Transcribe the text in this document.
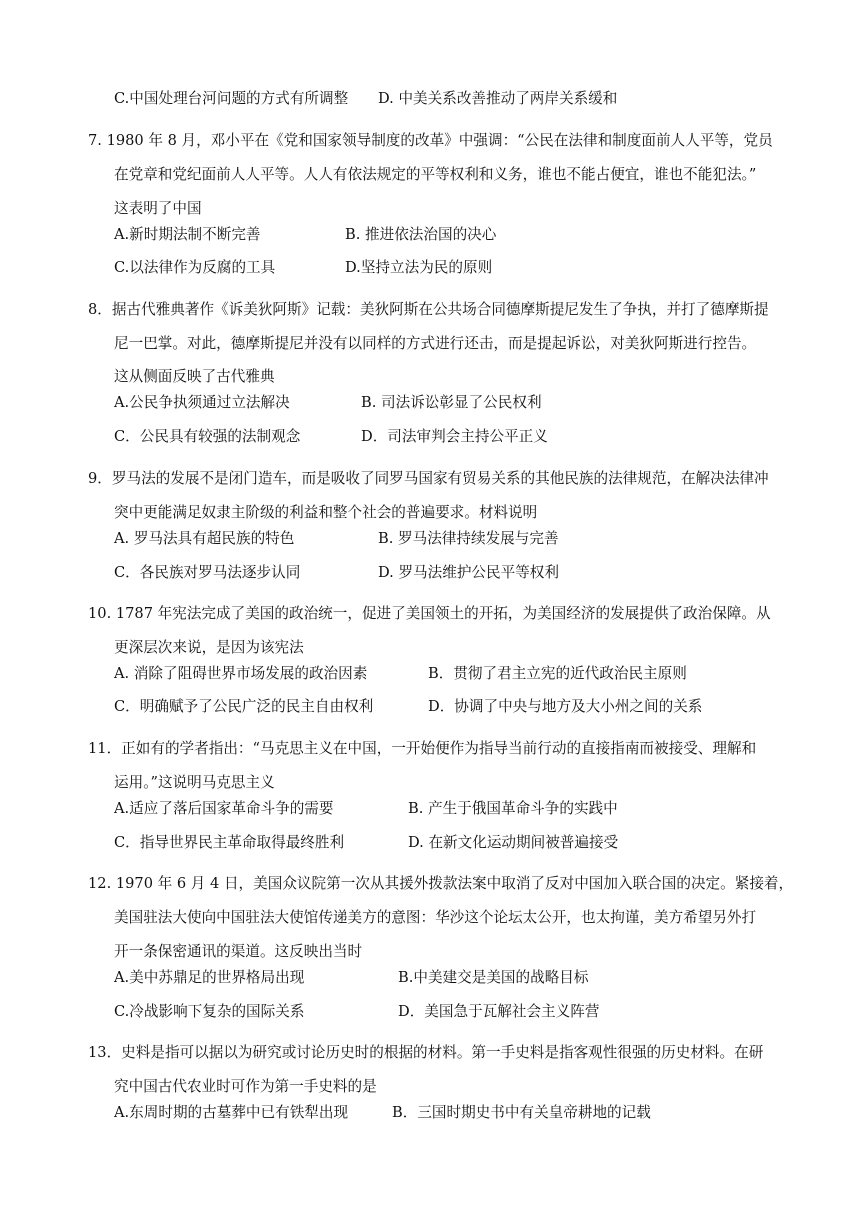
C.中国处理台河问题的方式有所调整 D. 中美关系改善推动了两岸关系缓和
7. 1980 年 8 月，邓小平在《党和国家领导制度的改革》中强调：“公民在法律和制度面前人人平等，党员
在党章和党纪面前人人平等。人人有依法规定的平等权利和义务，谁也不能占便宜，谁也不能犯法。”
这表明了中国
A.新时期法制不断完善	B. 推进依法治国的决心
C.以法律作为反腐的工具	D.坚持立法为民的原则
8．据古代雅典著作《诉美狄阿斯》记载：美狄阿斯在公共场合同德摩斯提尼发生了争执，并打了德摩斯提
尼一巴掌。对此，德摩斯提尼并没有以同样的方式进行还击，而是提起诉讼，对美狄阿斯进行控告。
这从侧面反映了古代雅典
A.公民争执须通过立法解决	B. 司法诉讼彰显了公民权利
C．公民具有较强的法制观念	D．司法审判会主持公平正义
9．罗马法的发展不是闭门造车，而是吸收了同罗马国家有贸易关系的其他民族的法律规范，在解决法律冲
突中更能满足奴隶主阶级的利益和整个社会的普遍要求。材料说明
A. 罗马法具有超民族的特色	B. 罗马法律持续发展与完善
C．各民族对罗马法逐步认同	D. 罗马法维护公民平等权利
10. 1787 年宪法完成了美国的政治统一，促进了美国领土的开拓，为美国经济的发展提供了政治保障。从
更深层次来说，是因为该宪法
A. 消除了阻碍世界市场发展的政治因素	B．贯彻了君主立宪的近代政治民主原则
C．明确赋予了公民广泛的民主自由权利	D．协调了中央与地方及大小州之间的关系
11．正如有的学者指出：“马克思主义在中国，一开始便作为指导当前行动的直接指南而被接受、理解和
运用。”这说明马克思主义
A.适应了落后国家革命斗争的需要	B. 产生于俄国革命斗争的实践中
C．指导世界民主革命取得最终胜利	D. 在新文化运动期间被普遍接受
12. 1970 年 6 月 4 日，美国众议院第一次从其援外拨款法案中取消了反对中国加入联合国的决定。紧接着，
美国驻法大使向中国驻法大使馆传递美方的意图：华沙这个论坛太公开，也太拘谨，美方希望另外打
开一条保密通讯的渠道。这反映出当时
A.美中苏鼎足的世界格局出现	B.中美建交是美国的战略目标
C.冷战影响下复杂的国际关系	D．美国急于瓦解社会主义阵营
13．史料是指可以据以为研究或讨论历史时的根据的材料。第一手史料是指客观性很强的历史材料。在研
究中国古代农业时可作为第一手史料的是
A.东周时期的古墓葬中已有铁犁出现	B．三国时期史书中有关皇帝耕地的记载
